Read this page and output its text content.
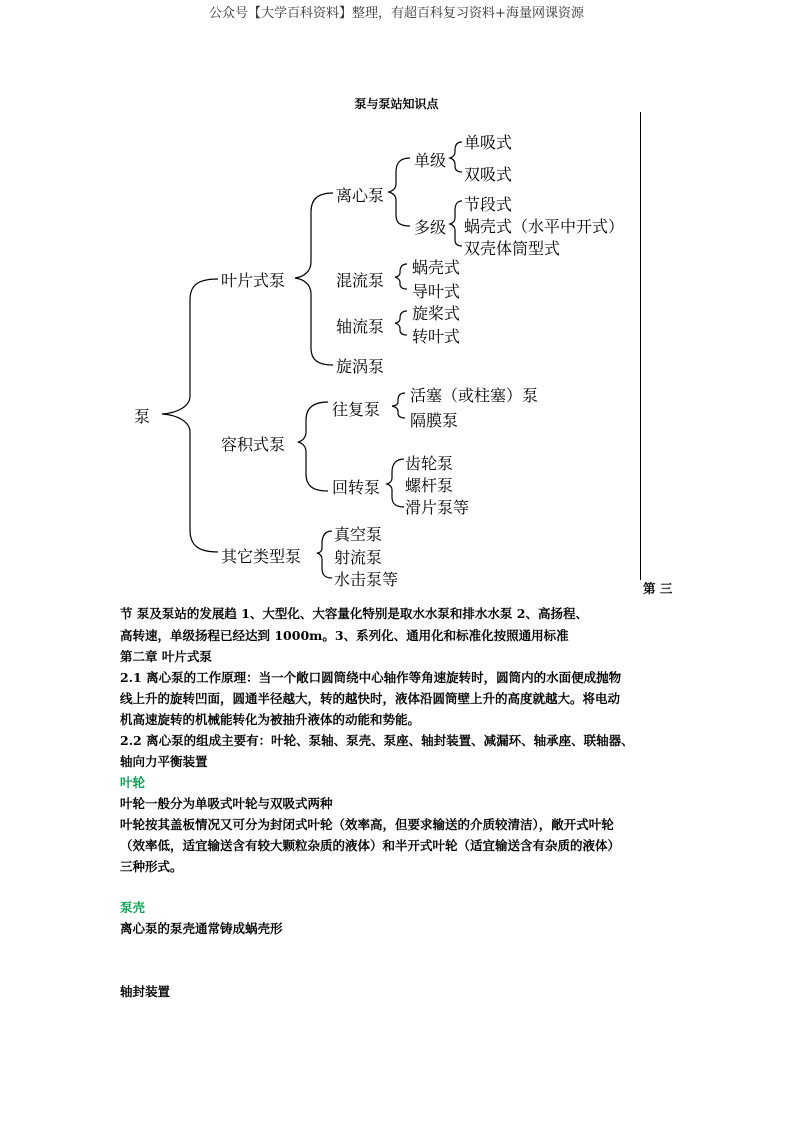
公众号【大学百科资料】整理，有超百科复习资料+海量网课资源
泵与泵站知识点
泵
叶片式泵
离心泵
单级
单吸式
双吸式
多级
节段式
蜗壳式（水平中开式）
双壳体筒型式
混流泵
蜗壳式
导叶式
轴流泵
旋桨式
转叶式
旋涡泵
容积式泵
往复泵
活塞（或柱塞）泵
隔膜泵
回转泵
齿轮泵
螺杆泵
滑片泵等
其它类型泵
真空泵
射流泵
水击泵等	第 三
节 泵及泵站的发展趋 1、大型化、大容量化特别是取水水泵和排水水泵 2、高扬程、
高转速，单级扬程已经达到 1000m。3、系列化、通用化和标准化按照通用标准
第二章 叶片式泵
2.1 离心泵的工作原理：当一个敞口圆筒绕中心轴作等角速旋转时，圆筒内的水面便成抛物
线上升的旋转凹面，圆通半径越大，转的越快时，液体沿圆筒壁上升的高度就越大。将电动
机高速旋转的机械能转化为被抽升液体的动能和势能。
2.2 离心泵的组成主要有：叶轮、泵轴、泵壳、泵座、轴封装置、减漏环、轴承座、联轴器、
轴向力平衡装置
叶轮
叶轮一般分为单吸式叶轮与双吸式两种
叶轮按其盖板情况又可分为封闭式叶轮（效率高，但要求输送的介质较清洁），敞开式叶轮
（效率低，适宜输送含有较大颗粒杂质的液体）和半开式叶轮（适宜输送含有杂质的液体）
三种形式。
泵壳
离心泵的泵壳通常铸成蜗壳形
轴封装置
